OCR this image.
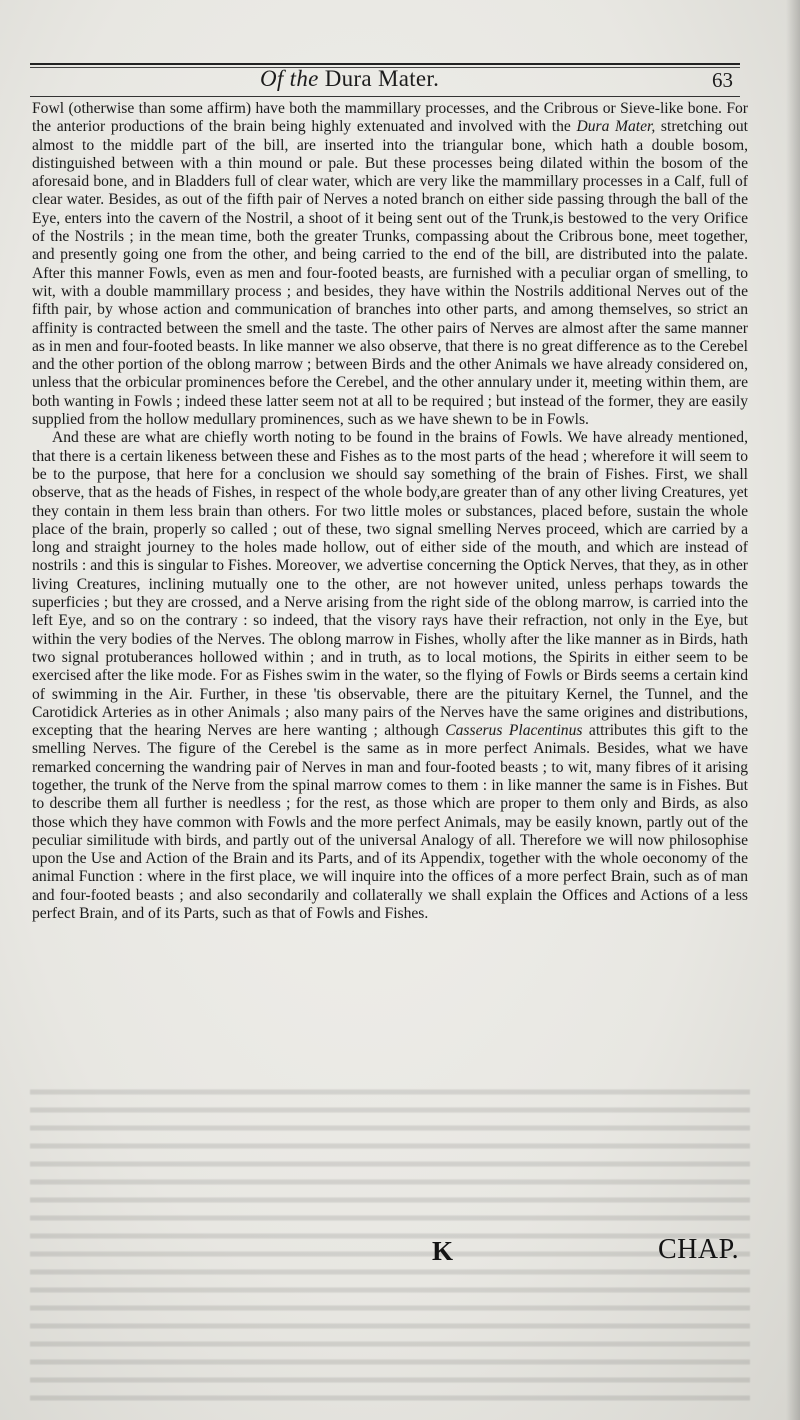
Of the Dura Mater.	63

Fowl (otherwise than some affirm) have both the mammillary processes, and the Cribrous or Sieve-like bone. For the anterior productions of the brain being highly extenuated and involved with the Dura Mater, stretching out almost to the middle part of the bill, are inserted into the triangular bone, which hath a double bosom, distinguished between with a thin mound or pale. But these processes being dilated within the bosom of the aforesaid bone, and in Bladders full of clear water, which are very like the mammillary processes in a Calf, full of clear water. Besides, as out of the fifth pair of Nerves a noted branch on either side passing through the ball of the Eye, enters into the cavern of the Nostril, a shoot of it being sent out of the Trunk,is bestowed to the very Orifice of the Nostrils ; in the mean time, both the greater Trunks, compassing about the Cribrous bone, meet together, and presently going one from the other, and being carried to the end of the bill, are distributed into the palate. After this manner Fowls, even as men and four-footed beasts, are furnished with a peculiar organ of smelling, to wit, with a double mammillary process ; and besides, they have within the Nostrils additional Nerves out of the fifth pair, by whose action and communication of branches into other parts, and among themselves, so strict an affinity is contracted between the smell and the taste. The other pairs of Nerves are almost after the same manner as in men and four-footed beasts. In like manner we also observe, that there is no great difference as to the Cerebel and the other portion of the oblong marrow ; between Birds and the other Animals we have already considered on, unless that the orbicular prominences before the Cerebel, and the other annulary under it, meeting within them, are both wanting in Fowls ; indeed these latter seem not at all to be required ; but instead of the former, they are easily supplied from the hollow medullary prominences, such as we have shewn to be in Fowls.

And these are what are chiefly worth noting to be found in the brains of Fowls. We have already mentioned, that there is a certain likeness between these and Fishes as to the most parts of the head ; wherefore it will seem to be to the purpose, that here for a conclusion we should say something of the brain of Fishes. First, we shall observe, that as the heads of Fishes, in respect of the whole body,are greater than of any other living Creatures, yet they contain in them less brain than others. For two little moles or substances, placed before, sustain the whole place of the brain, properly so called ; out of these, two signal smelling Nerves proceed, which are carried by a long and straight journey to the holes made hollow, out of either side of the mouth, and which are instead of nostrils : and this is singular to Fishes. Moreover, we advertise concerning the Optick Nerves, that they, as in other living Creatures, inclining mutually one to the other, are not however united, unless perhaps towards the superficies ; but they are crossed, and a Nerve arising from the right side of the oblong marrow, is carried into the left Eye, and so on the contrary : so indeed, that the visory rays have their refraction, not only in the Eye, but within the very bodies of the Nerves. The oblong marrow in Fishes, wholly after the like manner as in Birds, hath two signal protuberances hollowed within ; and in truth, as to local motions, the Spirits in either seem to be exercised after the like mode. For as Fishes swim in the water, so the flying of Fowls or Birds seems a certain kind of swimming in the Air. Further, in these 'tis observable, there are the pituitary Kernel, the Tunnel, and the Carotidick Arteries as in other Animals ; also many pairs of the Nerves have the same origines and distributions, excepting that the hearing Nerves are here wanting ; although Casserus Placentinus attributes this gift to the smelling Nerves. The figure of the Cerebel is the same as in more perfect Animals. Besides, what we have remarked concerning the wandring pair of Nerves in man and four-footed beasts ; to wit, many fibres of it arising together, the trunk of the Nerve from the spinal marrow comes to them : in like manner the same is in Fishes. But to describe them all further is needless ; for the rest, as those which are proper to them only and Birds, as also those which they have common with Fowls and the more perfect Animals, may be easily known, partly out of the peculiar similitude with birds, and partly out of the universal Analogy of all. Therefore we will now philosophise upon the Use and Action of the Brain and its Parts, and of its Appendix, together with the whole oeconomy of the animal Function : where in the first place, we will inquire into the offices of a more perfect Brain, such as of man and four-footed beasts ; and also secondarily and collaterally we shall explain the Offices and Actions of a less perfect Brain, and of its Parts, such as that of Fowls and Fishes.

K	CHAP.
